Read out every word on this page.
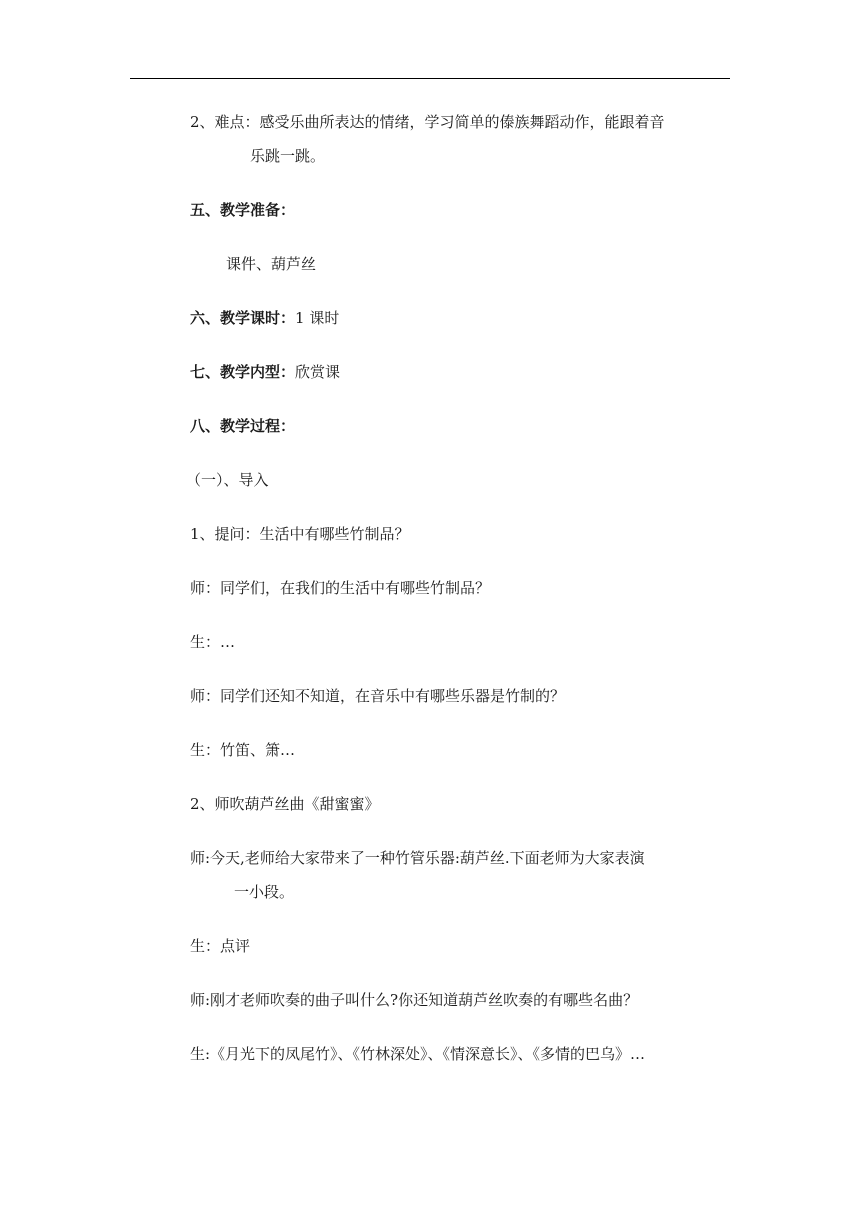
2、难点：感受乐曲所表达的情绪，学习简单的傣族舞蹈动作，能跟着音
乐跳一跳。
五、教学准备：
课件、葫芦丝
六、教学课时：1 课时
七、教学内型：欣赏课
八、教学过程：
（一）、导入
1、提问：生活中有哪些竹制品？
师：同学们，在我们的生活中有哪些竹制品？
生：…
师：同学们还知不知道，在音乐中有哪些乐器是竹制的？
生：竹笛、箫…
2、师吹葫芦丝曲《甜蜜蜜》
师:今天,老师给大家带来了一种竹管乐器:葫芦丝.下面老师为大家表演
一小段。
生：点评
师:刚才老师吹奏的曲子叫什么?你还知道葫芦丝吹奏的有哪些名曲？
生:《月光下的凤尾竹》、《竹林深处》、《情深意长》、《多情的巴乌》…
